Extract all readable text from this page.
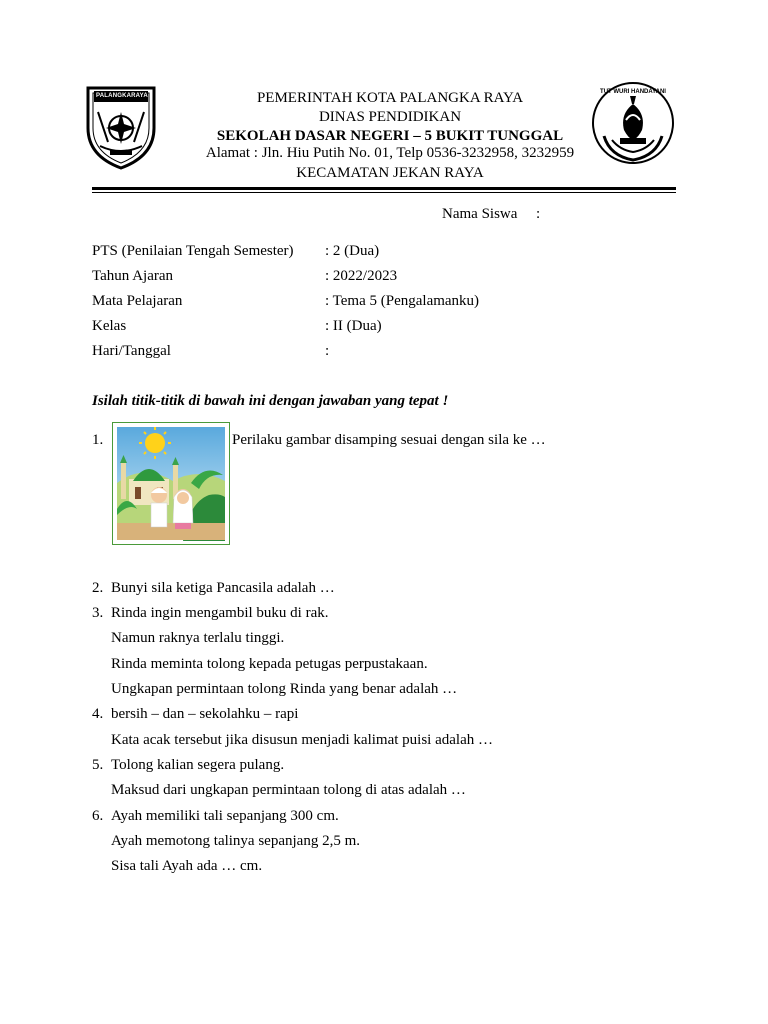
PALANGKARAYA
TUT WURI HANDAYANI
PEMERINTAH KOTA PALANGKA RAYA
DINAS PENDIDIKAN
SEKOLAH DASAR NEGERI – 5 BUKIT TUNGGAL
Alamat : Jln. Hiu Putih No. 01, Telp 0536-3232958, 3232959
KECAMATAN JEKAN RAYA
Nama Siswa :
PTS (Penilaian Tengah Semester) : 2 (Dua)
Tahun Ajaran	: 2022/2023
Mata Pelajaran	: Tema 5 (Pengalamanku)
Kelas	: II (Dua)
Hari/Tanggal	:
Isilah titik-titik di bawah ini dengan jawaban yang tepat !
1.	Perilaku gambar disamping sesuai dengan sila ke …
2. Bunyi sila ketiga Pancasila adalah …
3. Rinda ingin mengambil buku di rak.
Namun raknya terlalu tinggi.
Rinda meminta tolong kepada petugas perpustakaan.
Ungkapan permintaan tolong Rinda yang benar adalah …
4. bersih – dan – sekolahku – rapi
Kata acak tersebut jika disusun menjadi kalimat puisi adalah …
5. Tolong kalian segera pulang.
Maksud dari ungkapan permintaan tolong di atas adalah …
6. Ayah memiliki tali sepanjang 300 cm.
Ayah memotong talinya sepanjang 2,5 m.
Sisa tali Ayah ada … cm.
